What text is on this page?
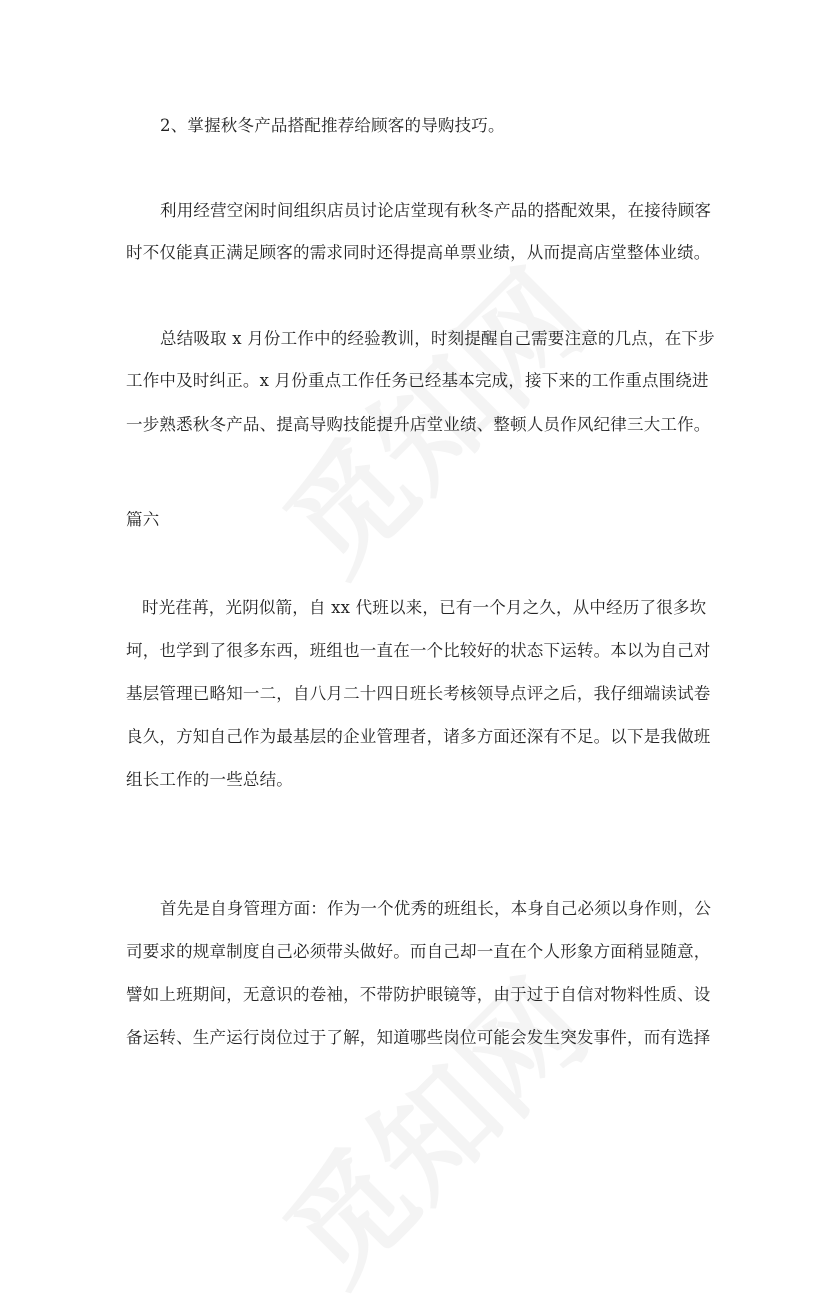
2、掌握秋冬产品搭配推荐给顾客的导购技巧。
利用经营空闲时间组织店员讨论店堂现有秋冬产品的搭配效果，在接待顾客
时不仅能真正满足顾客的需求同时还得提高单票业绩，从而提高店堂整体业绩。
总结吸取 x 月份工作中的经验教训，时刻提醒自己需要注意的几点，在下步
工作中及时纠正。x 月份重点工作任务已经基本完成，接下来的工作重点围绕进
一步熟悉秋冬产品、提高导购技能提升店堂业绩、整顿人员作风纪律三大工作。
篇六
时光荏苒，光阴似箭，自 xx 代班以来，已有一个月之久，从中经历了很多坎
坷，也学到了很多东西，班组也一直在一个比较好的状态下运转。本以为自己对
基层管理已略知一二，自八月二十四日班长考核领导点评之后，我仔细端读试卷
良久，方知自己作为最基层的企业管理者，诸多方面还深有不足。以下是我做班
组长工作的一些总结。
首先是自身管理方面：作为一个优秀的班组长，本身自己必须以身作则，公
司要求的规章制度自己必须带头做好。而自己却一直在个人形象方面稍显随意，
譬如上班期间，无意识的卷袖，不带防护眼镜等，由于过于自信对物料性质、设
备运转、生产运行岗位过于了解，知道哪些岗位可能会发生突发事件，而有选择
